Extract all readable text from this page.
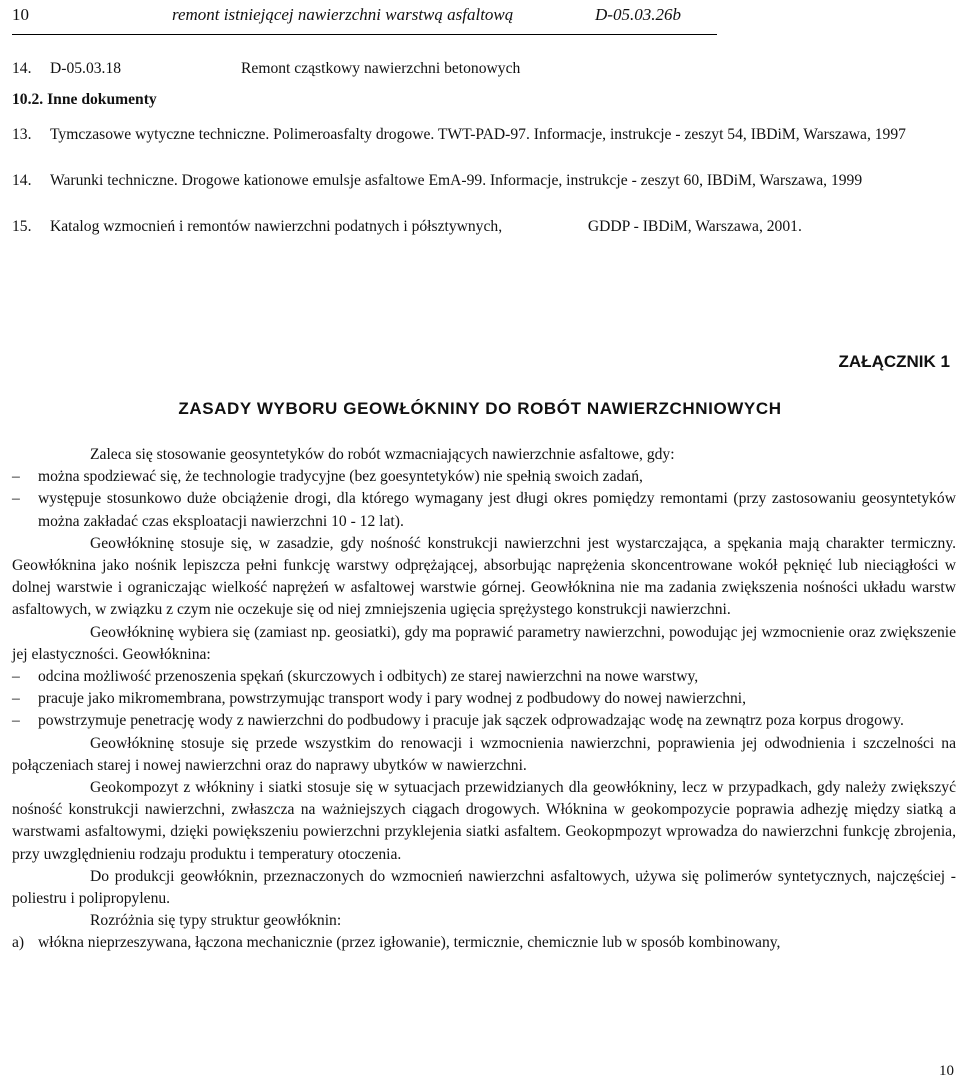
10	remont istniejącej nawierzchni warstwą asfaltową	D-05.03.26b
14. D-05.03.18	Remont cząstkowy nawierzchni betonowych
10.2. Inne dokumenty
13. Tymczasowe wytyczne techniczne. Polimeroasfalty drogowe. TWT-PAD-97. Informacje, instrukcje - zeszyt 54, IBDiM, Warszawa, 1997
14. Warunki techniczne. Drogowe kationowe emulsje asfaltowe EmA-99. Informacje, instrukcje - zeszyt 60, IBDiM, Warszawa, 1999
15. Katalog wzmocnień i remontów nawierzchni podatnych i półsztywnych,                      GDDP - IBDiM, Warszawa, 2001.
ZAŁĄCZNIK 1
ZASADY WYBORU GEOWŁÓKNINY DO ROBÓT NAWIERZCHNIOWYCH

Zaleca się stosowanie geosyntetyków do robót wzmacniających nawierzchnie asfaltowe, gdy:

– można spodziewać się, że technologie tradycyjne (bez goesyntetyków) nie spełnią swoich zadań,

– występuje stosunkowo duże obciążenie drogi, dla którego wymagany jest długi okres pomiędzy remontami (przy zastosowaniu geosyntetyków można zakładać czas eksploatacji nawierzchni 10 - 12 lat).

Geowłókninę stosuje się, w zasadzie, gdy nośność konstrukcji nawierzchni jest wystarczająca, a spękania mają charakter termiczny. Geowłóknina jako nośnik lepiszcza pełni funkcję warstwy odprężającej, absorbując naprężenia skoncentrowane wokół pęknięć lub nieciągłości w dolnej warstwie i ograniczając wielkość naprężeń w asfaltowej warstwie górnej. Geowłóknina nie ma zadania zwiększenia nośności układu warstw asfaltowych, w związku z czym nie oczekuje się od niej zmniejszenia ugięcia sprężystego konstrukcji nawierzchni.

Geowłókninę wybiera się (zamiast np. geosiatki), gdy ma poprawić parametry nawierzchni, powodując jej wzmocnienie oraz zwiększenie jej elastyczności. Geowłóknina:

– odcina możliwość przenoszenia spękań (skurczowych i odbitych) ze starej nawierzchni na nowe warstwy,

– pracuje jako mikromembrana, powstrzymując transport wody i pary wodnej z podbudowy do nowej nawierzchni,

– powstrzymuje penetrację wody z nawierzchni do podbudowy i pracuje jak sączek odprowadzając wodę na zewnątrz poza korpus drogowy.

Geowłókninę stosuje się przede wszystkim do renowacji i wzmocnienia nawierzchni, poprawienia jej odwodnienia i szczelności na połączeniach starej i nowej nawierzchni oraz do naprawy ubytków w nawierzchni.

Geokompozyt z włókniny i siatki stosuje się w sytuacjach przewidzianych dla geowłókniny, lecz w przypadkach, gdy należy zwiększyć nośność konstrukcji nawierzchni, zwłaszcza na ważniejszych ciągach drogowych. Włóknina w geokompozycie poprawia adhezję między siatką a warstwami asfaltowymi, dzięki powiększeniu powierzchni przyklejenia siatki asfaltem. Geokopmpozyt wprowadza do nawierzchni funkcję zbrojenia, przy uwzględnieniu rodzaju produktu i temperatury otoczenia.

Do produkcji geowłóknin, przeznaczonych do wzmocnień nawierzchni asfaltowych, używa się polimerów syntetycznych, najczęściej - poliestru i polipropylenu.

Rozróżnia się typy struktur geowłóknin:

a) włókna nieprzeszywana, łączona mechanicznie (przez igłowanie), termicznie, chemicznie lub w sposób kombinowany,

10
